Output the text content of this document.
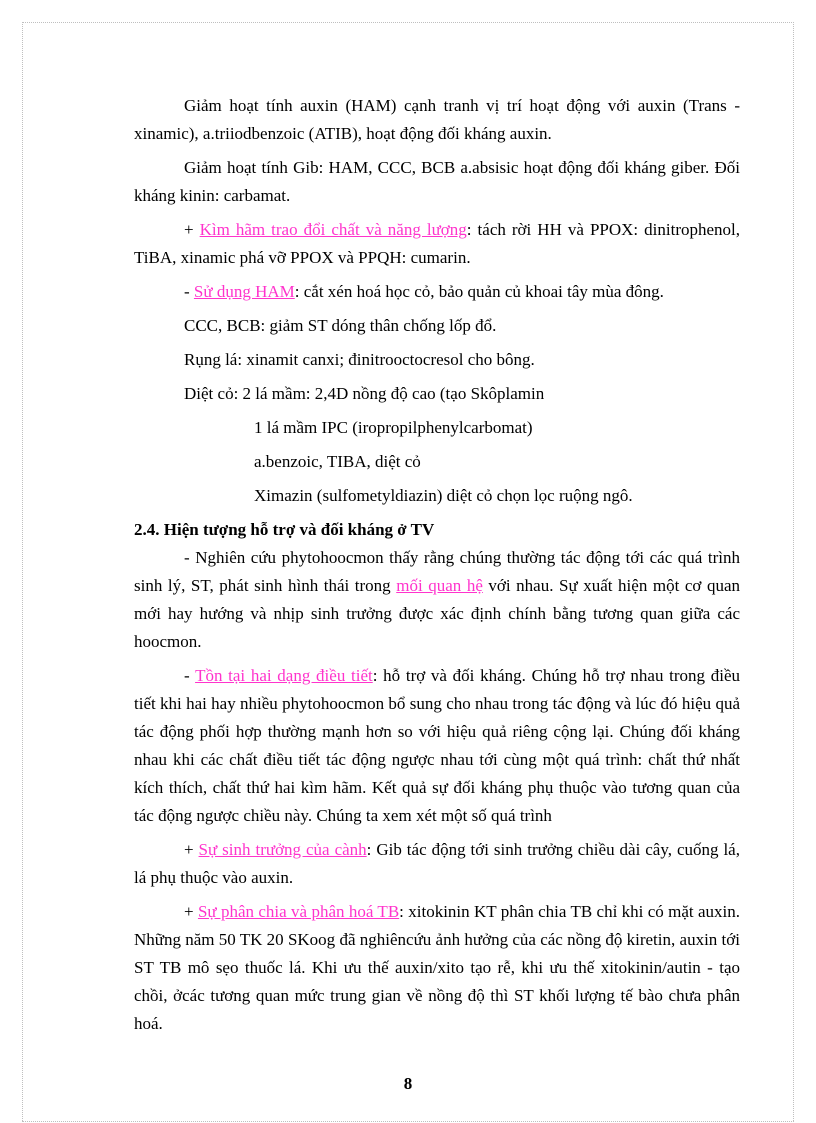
Giảm hoạt tính auxin (HAM) cạnh tranh vị trí hoạt động với auxin (Trans - xinamic), a.triiodbenzoic (ATIB), hoạt động đối kháng auxin.

Giảm hoạt tính Gib: HAM, CCC, BCB a.absisic hoạt động đối kháng giber. Đối kháng kinin: carbamat.

+ Kìm hãm trao đổi chất và năng lượng: tách rời HH và PPOX: dinitrophenol, TiBA, xinamic phá vỡ PPOX và PPQH: cumarin.

- Sử dụng HAM: cắt xén hoá học cỏ, bảo quản củ khoai tây mùa đông.

CCC, BCB: giảm ST dóng thân chống lốp đổ.

Rụng lá: xinamit canxi; đinitrooctocresol cho bông.

Diệt cỏ: 2 lá mầm: 2,4D nồng độ cao (tạo Skôplamin

1 lá mầm IPC (iropropilphenylcarbomat)

a.benzoic, TIBA, diệt cỏ

Ximazin (sulfometyldiazin) diệt cỏ chọn lọc ruộng ngô.

2.4. Hiện tượng hỗ trợ và đối kháng ở TV

- Nghiên cứu phytohoocmon thấy rằng chúng thường tác động tới các quá trình sinh lý, ST, phát sinh hình thái trong mối quan hệ với nhau. Sự xuất hiện một cơ quan mới hay hướng và nhịp sinh trưởng được xác định chính bằng tương quan giữa các hoocmon.

- Tồn tại hai dạng điều tiết: hỗ trợ và đối kháng. Chúng hỗ trợ nhau trong điều tiết khi hai hay nhiều phytohoocmon bổ sung cho nhau trong tác động và lúc đó hiệu quả tác động phối hợp thường mạnh hơn so với hiệu quả riêng cộng lại. Chúng đối kháng nhau khi các chất điều tiết tác động ngược nhau tới cùng một quá trình: chất thứ nhất kích thích, chất thứ hai kìm hãm. Kết quả sự đối kháng phụ thuộc vào tương quan của tác động ngược chiều này. Chúng ta xem xét một số quá trình

+ Sự sinh trưởng của cành: Gib tác động tới sinh trưởng chiều dài cây, cuống lá, lá phụ thuộc vào auxin.

+ Sự phân chia và phân hoá TB: xitokinin KT phân chia TB chỉ khi có mặt auxin. Những năm 50 TK 20 SKoog đã nghiêncứu ảnh hưởng của các nồng độ kiretin, auxin tới ST TB mô sẹo thuốc lá. Khi ưu thế auxin/xito tạo rễ, khi ưu thế xitokinin/autin - tạo chồi, ởcác tương quan mức trung gian về nồng độ thì ST khối lượng tế bào chưa phân hoá.

8
